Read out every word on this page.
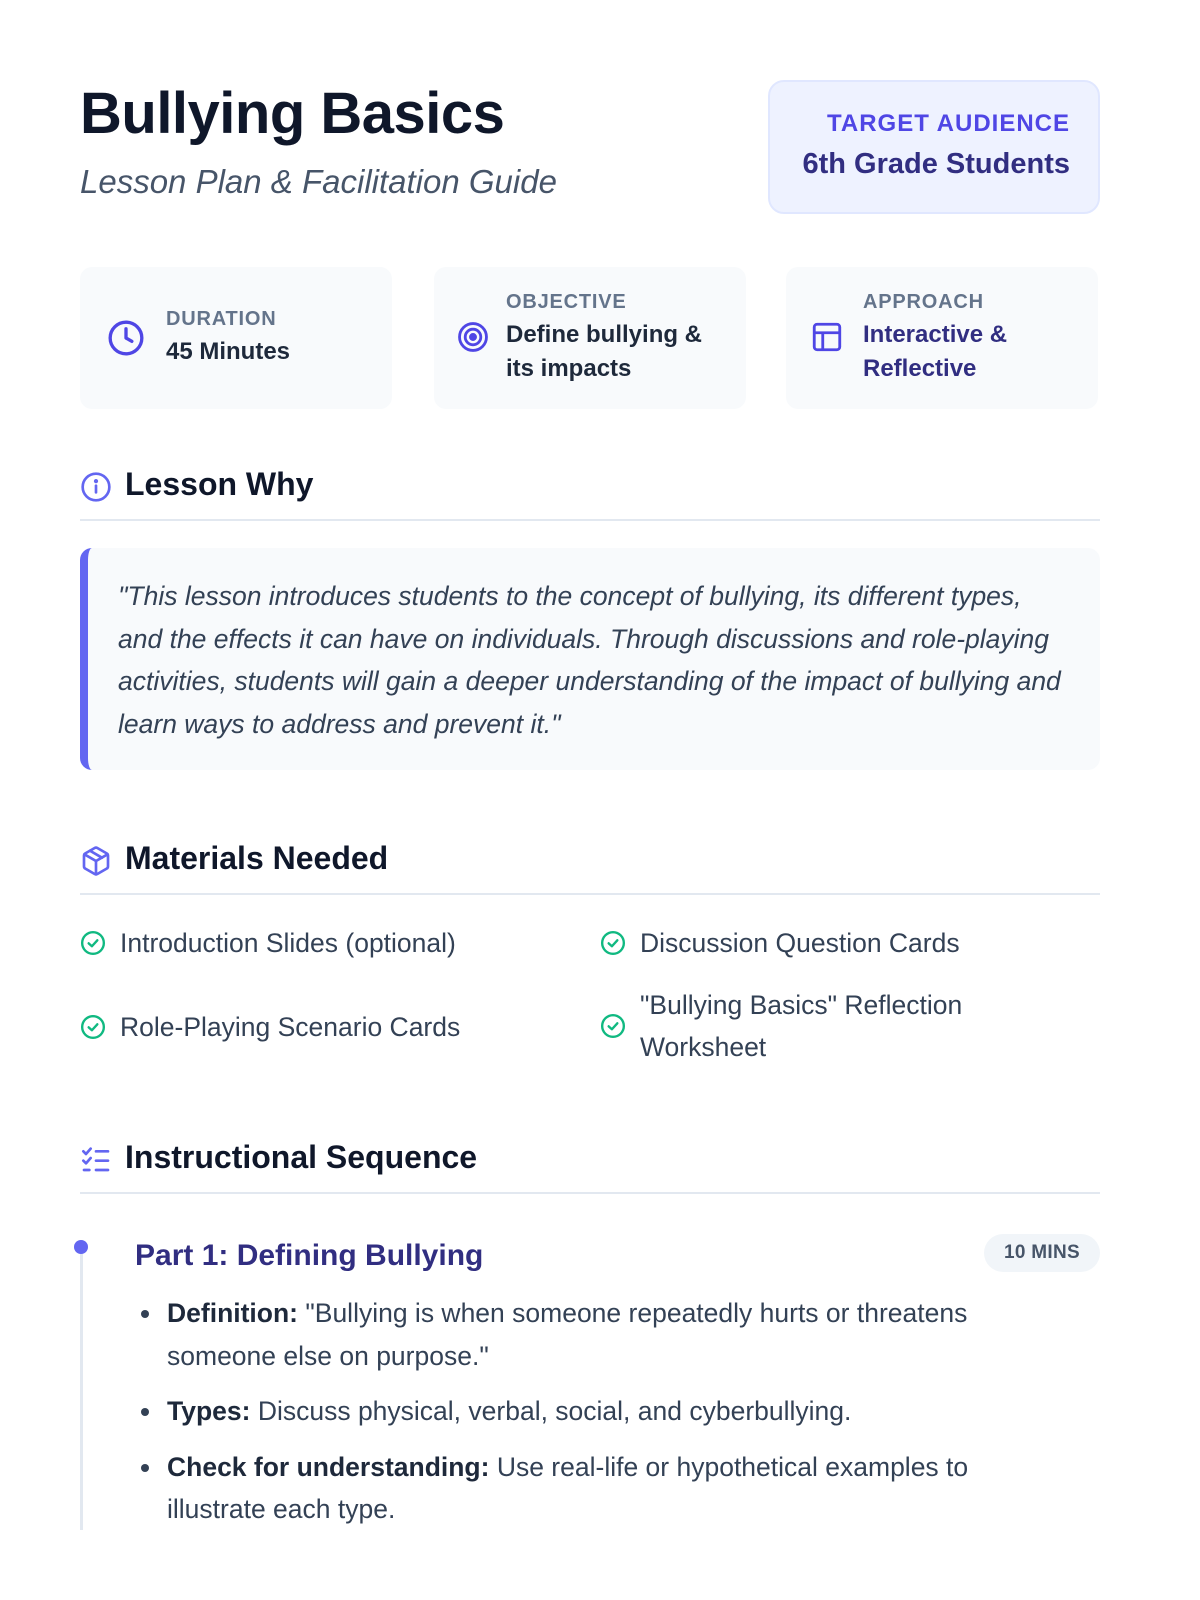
Bullying Basics
Lesson Plan & Facilitation Guide
TARGET AUDIENCE
6th Grade Students
DURATION
45 Minutes
OBJECTIVE
Define bullying &
its impacts
APPROACH
Interactive &
Reflective
Lesson Why

"This lesson introduces students to the concept of bullying, its different types, and the effects it can have on individuals. Through discussions and role-playing activities, students will gain a deeper understanding of the impact of bullying and learn ways to address and prevent it."

Materials Needed
Introduction Slides (optional)	Discussion Question Cards
Role-Playing Scenario Cards
"Bullying Basics" Reflection Worksheet
Instructional Sequence
Part 1: Defining Bullying	10 MINS
Definition: "Bullying is when someone repeatedly hurts or threatens someone else on purpose."
Types: Discuss physical, verbal, social, and cyberbullying.
Check for understanding: Use real-life or hypothetical examples to illustrate each type.
